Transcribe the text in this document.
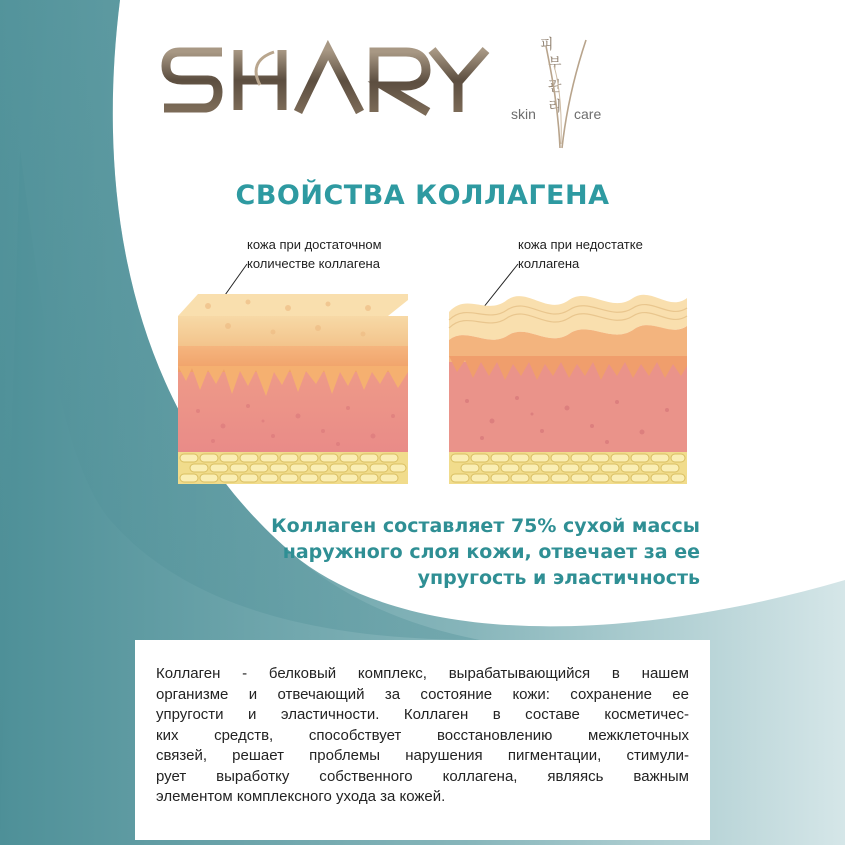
피
부
관리
skin	care
СВОЙСТВА КОЛЛАГЕНА
кожа при достаточном
количестве коллагена
кожа при недостатке
коллагена
Коллаген составляет 75% сухой массы
наружного слоя кожи, отвечает за ее
упругость и эластичность
Коллаген - белковый комплекс, вырабатывающийся в нашем
организме и отвечающий за состояние кожи: сохранение ее
упругости и эластичности. Коллаген в составе косметичес-
ких средств, способствует восстановлению межклеточных
связей, решает проблемы нарушения пигментации, стимули-
рует выработку собственного коллагена, являясь важным
элементом комплексного ухода за кожей.
